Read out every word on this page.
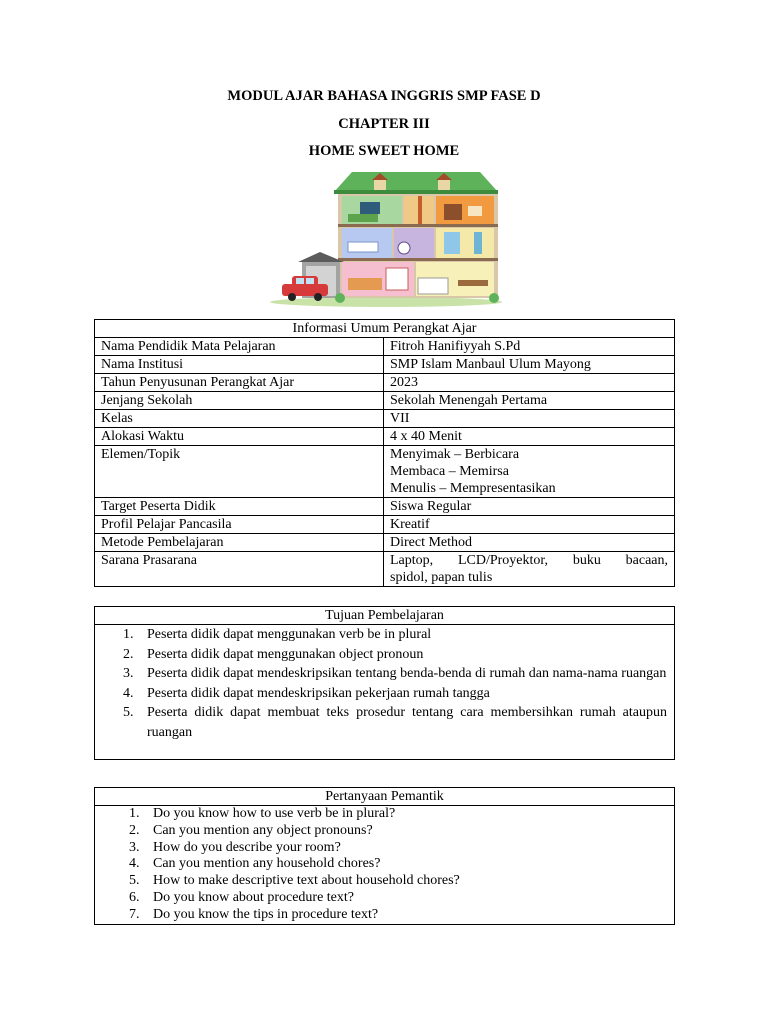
MODUL AJAR BAHASA INGGRIS SMP FASE D
CHAPTER III
HOME SWEET HOME
Informasi Umum Perangkat Ajar	
Nama Pendidik Mata Pelajaran	Fitroh Hanifiyyah S.Pd
Nama Institusi	SMP Islam Manbaul Ulum Mayong
Tahun Penyusunan Perangkat Ajar	2023
Jenjang Sekolah	Sekolah Menengah Pertama
Kelas	VII
Alokasi Waktu	4 x 40 Menit
Elemen/Topik	Menyimak – Berbicara
Membaca – Memirsa
Menulis – Mempresentasikan

Target Peserta Didik	Siswa Regular
Profil Pelajar Pancasila	Kreatif
Metode Pembelajaran	Direct Method
Sarana Prasarana	Laptop, LCD/Proyektor, buku bacaan,
spidol, papan tulis
Tujuan Pembelajaran
1. Peserta didik dapat menggunakan verb be in plural
2. Peserta didik dapat menggunakan object pronoun
3. Peserta didik dapat mendeskripsikan tentang benda-benda di rumah dan nama-nama ruangan
4. Peserta didik dapat mendeskripsikan pekerjaan rumah tangga
5. Peserta didik dapat membuat teks prosedur tentang cara membersihkan rumah ataupun ruangan
Pertanyaan Pemantik
1. Do you know how to use verb be in plural?
2. Can you mention any object pronouns?
3. How do you describe your room?
4. Can you mention any household chores?
5. How to make descriptive text about household chores?
6. Do you know about procedure text?
7. Do you know the tips in procedure text?
